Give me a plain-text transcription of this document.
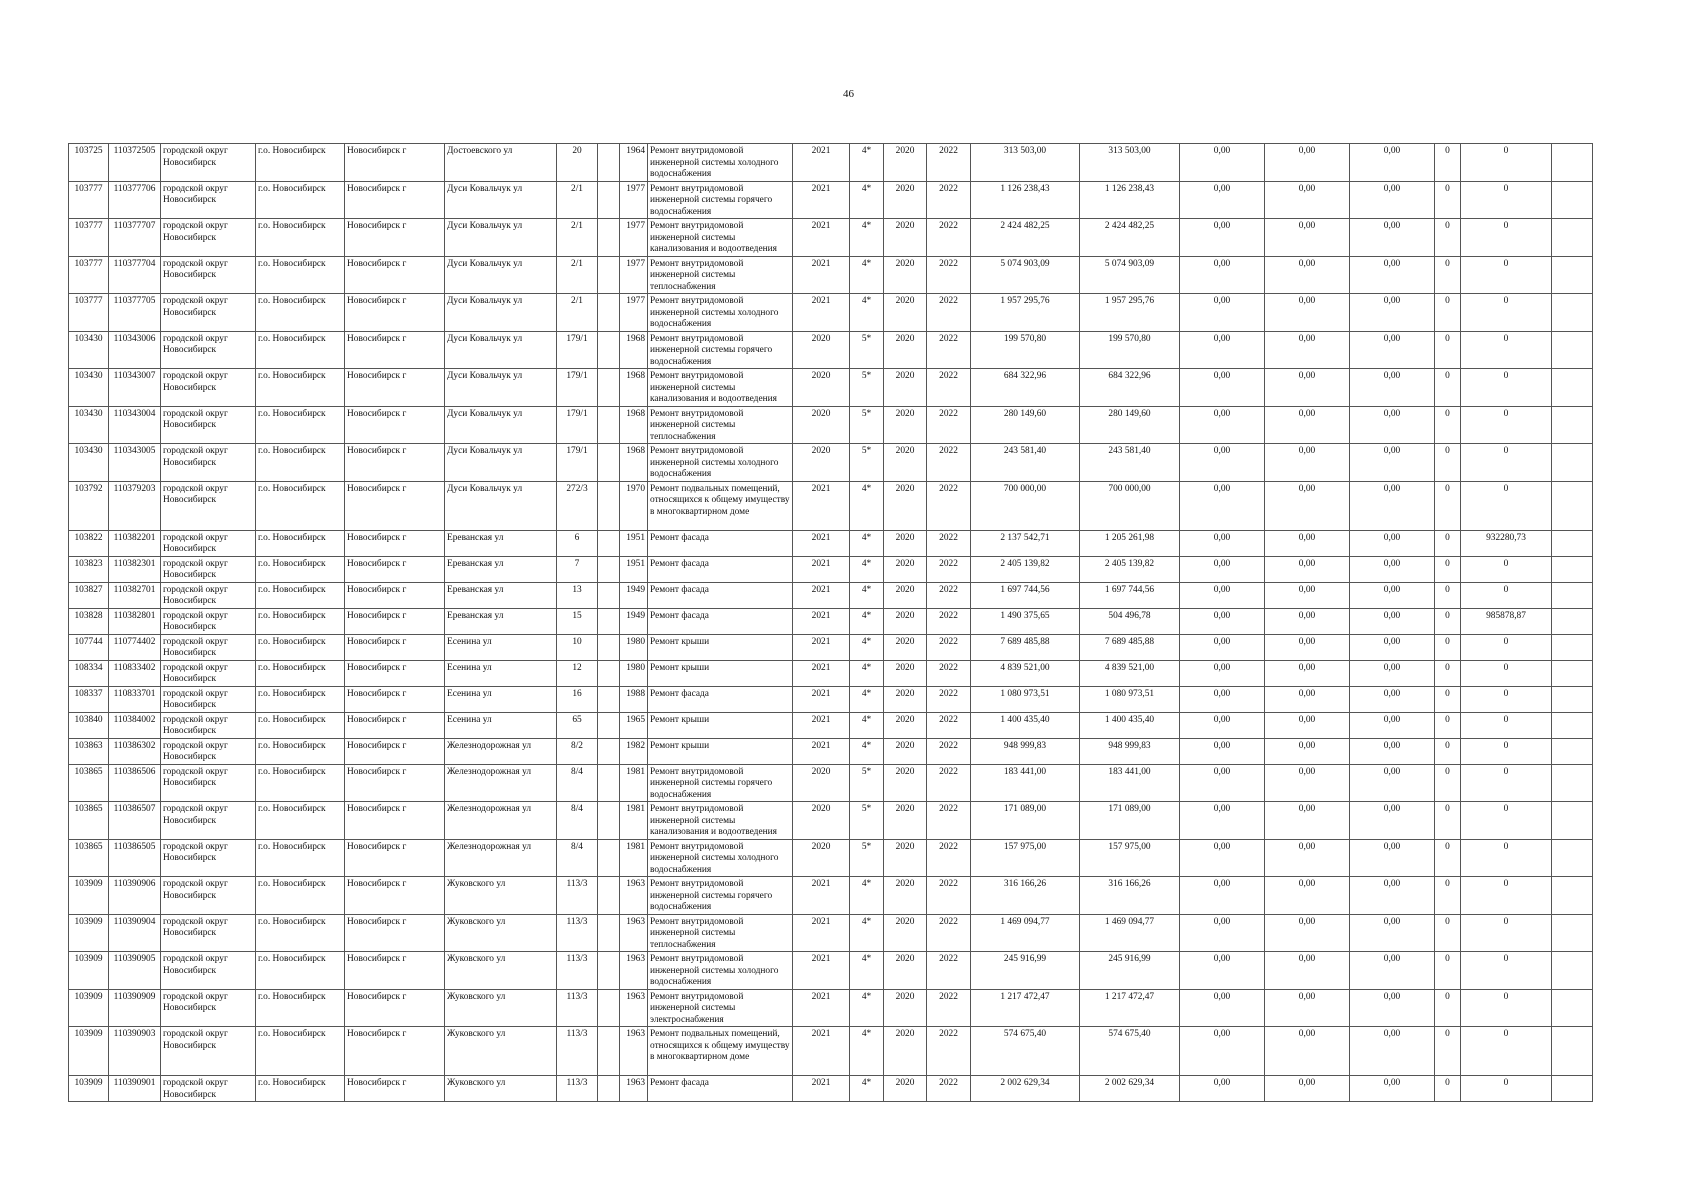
46
103725	110372505	городской округ Новосибирск	г.о. Новосибирск	Новосибирск г	Достоевского ул	20		1964	Ремонт внутридомовой инженерной системы холодного водоснабжения	2021	4*	2020	2022	313 503,00	313 503,00	0,00	0,00	0,00	0	0	
103777	110377706	городской округ Новосибирск	г.о. Новосибирск	Новосибирск г	Дуси Ковальчук ул	2/1		1977	Ремонт внутридомовой инженерной системы горячего водоснабжения	2021	4*	2020	2022	1 126 238,43	1 126 238,43	0,00	0,00	0,00	0	0	
103777	110377707	городской округ Новосибирск	г.о. Новосибирск	Новосибирск г	Дуси Ковальчук ул	2/1		1977	Ремонт внутридомовой инженерной системы канализования и водоотведения	2021	4*	2020	2022	2 424 482,25	2 424 482,25	0,00	0,00	0,00	0	0	
103777	110377704	городской округ Новосибирск	г.о. Новосибирск	Новосибирск г	Дуси Ковальчук ул	2/1		1977	Ремонт внутридомовой инженерной системы теплоснабжения	2021	4*	2020	2022	5 074 903,09	5 074 903,09	0,00	0,00	0,00	0	0	
103777	110377705	городской округ Новосибирск	г.о. Новосибирск	Новосибирск г	Дуси Ковальчук ул	2/1		1977	Ремонт внутридомовой инженерной системы холодного водоснабжения	2021	4*	2020	2022	1 957 295,76	1 957 295,76	0,00	0,00	0,00	0	0	
103430	110343006	городской округ Новосибирск	г.о. Новосибирск	Новосибирск г	Дуси Ковальчук ул	179/1		1968	Ремонт внутридомовой инженерной системы горячего водоснабжения	2020	5*	2020	2022	199 570,80	199 570,80	0,00	0,00	0,00	0	0	
103430	110343007	городской округ Новосибирск	г.о. Новосибирск	Новосибирск г	Дуси Ковальчук ул	179/1		1968	Ремонт внутридомовой инженерной системы канализования и водоотведения	2020	5*	2020	2022	684 322,96	684 322,96	0,00	0,00	0,00	0	0	
103430	110343004	городской округ Новосибирск	г.о. Новосибирск	Новосибирск г	Дуси Ковальчук ул	179/1		1968	Ремонт внутридомовой инженерной системы теплоснабжения	2020	5*	2020	2022	280 149,60	280 149,60	0,00	0,00	0,00	0	0	
103430	110343005	городской округ Новосибирск	г.о. Новосибирск	Новосибирск г	Дуси Ковальчук ул	179/1		1968	Ремонт внутридомовой инженерной системы холодного водоснабжения	2020	5*	2020	2022	243 581,40	243 581,40	0,00	0,00	0,00	0	0	
103792	110379203	городской округ Новосибирск	г.о. Новосибирск	Новосибирск г	Дуси Ковальчук ул	272/3		1970	Ремонт подвальных помещений, относящихся к общему имуществу в многоквартирном доме	2021	4*	2020	2022	700 000,00	700 000,00	0,00	0,00	0,00	0	0	
103822	110382201	городской округ Новосибирск	г.о. Новосибирск	Новосибирск г	Ереванская ул	6		1951	Ремонт фасада	2021	4*	2020	2022	2 137 542,71	1 205 261,98	0,00	0,00	0,00	0	932280,73	
103823	110382301	городской округ Новосибирск	г.о. Новосибирск	Новосибирск г	Ереванская ул	7		1951	Ремонт фасада	2021	4*	2020	2022	2 405 139,82	2 405 139,82	0,00	0,00	0,00	0	0	
103827	110382701	городской округ Новосибирск	г.о. Новосибирск	Новосибирск г	Ереванская ул	13		1949	Ремонт фасада	2021	4*	2020	2022	1 697 744,56	1 697 744,56	0,00	0,00	0,00	0	0	
103828	110382801	городской округ Новосибирск	г.о. Новосибирск	Новосибирск г	Ереванская ул	15		1949	Ремонт фасада	2021	4*	2020	2022	1 490 375,65	504 496,78	0,00	0,00	0,00	0	985878,87	
107744	110774402	городской округ Новосибирск	г.о. Новосибирск	Новосибирск г	Есенина ул	10		1980	Ремонт крыши	2021	4*	2020	2022	7 689 485,88	7 689 485,88	0,00	0,00	0,00	0	0	
108334	110833402	городской округ Новосибирск	г.о. Новосибирск	Новосибирск г	Есенина ул	12		1980	Ремонт крыши	2021	4*	2020	2022	4 839 521,00	4 839 521,00	0,00	0,00	0,00	0	0	
108337	110833701	городской округ Новосибирск	г.о. Новосибирск	Новосибирск г	Есенина ул	16		1988	Ремонт фасада	2021	4*	2020	2022	1 080 973,51	1 080 973,51	0,00	0,00	0,00	0	0	
103840	110384002	городской округ Новосибирск	г.о. Новосибирск	Новосибирск г	Есенина ул	65		1965	Ремонт крыши	2021	4*	2020	2022	1 400 435,40	1 400 435,40	0,00	0,00	0,00	0	0	
103863	110386302	городской округ Новосибирск	г.о. Новосибирск	Новосибирск г	Железнодорожная ул	8/2		1982	Ремонт крыши	2021	4*	2020	2022	948 999,83	948 999,83	0,00	0,00	0,00	0	0	
103865	110386506	городской округ Новосибирск	г.о. Новосибирск	Новосибирск г	Железнодорожная ул	8/4		1981	Ремонт внутридомовой инженерной системы горячего водоснабжения	2020	5*	2020	2022	183 441,00	183 441,00	0,00	0,00	0,00	0	0	
103865	110386507	городской округ Новосибирск	г.о. Новосибирск	Новосибирск г	Железнодорожная ул	8/4		1981	Ремонт внутридомовой инженерной системы канализования и водоотведения	2020	5*	2020	2022	171 089,00	171 089,00	0,00	0,00	0,00	0	0	
103865	110386505	городской округ Новосибирск	г.о. Новосибирск	Новосибирск г	Железнодорожная ул	8/4		1981	Ремонт внутридомовой инженерной системы холодного водоснабжения	2020	5*	2020	2022	157 975,00	157 975,00	0,00	0,00	0,00	0	0	
103909	110390906	городской округ Новосибирск	г.о. Новосибирск	Новосибирск г	Жуковского ул	113/3		1963	Ремонт внутридомовой инженерной системы горячего водоснабжения	2021	4*	2020	2022	316 166,26	316 166,26	0,00	0,00	0,00	0	0	
103909	110390904	городской округ Новосибирск	г.о. Новосибирск	Новосибирск г	Жуковского ул	113/3		1963	Ремонт внутридомовой инженерной системы теплоснабжения	2021	4*	2020	2022	1 469 094,77	1 469 094,77	0,00	0,00	0,00	0	0	
103909	110390905	городской округ Новосибирск	г.о. Новосибирск	Новосибирск г	Жуковского ул	113/3		1963	Ремонт внутридомовой инженерной системы холодного водоснабжения	2021	4*	2020	2022	245 916,99	245 916,99	0,00	0,00	0,00	0	0	
103909	110390909	городской округ Новосибирск	г.о. Новосибирск	Новосибирск г	Жуковского ул	113/3		1963	Ремонт внутридомовой инженерной системы электроснабжения	2021	4*	2020	2022	1 217 472,47	1 217 472,47	0,00	0,00	0,00	0	0	
103909	110390903	городской округ Новосибирск	г.о. Новосибирск	Новосибирск г	Жуковского ул	113/3		1963	Ремонт подвальных помещений, относящихся к общему имуществу в многоквартирном доме	2021	4*	2020	2022	574 675,40	574 675,40	0,00	0,00	0,00	0	0	
103909	110390901	городской округ Новосибирск	г.о. Новосибирск	Новосибирск г	Жуковского ул	113/3		1963	Ремонт фасада	2021	4*	2020	2022	2 002 629,34	2 002 629,34	0,00	0,00	0,00	0	0	
